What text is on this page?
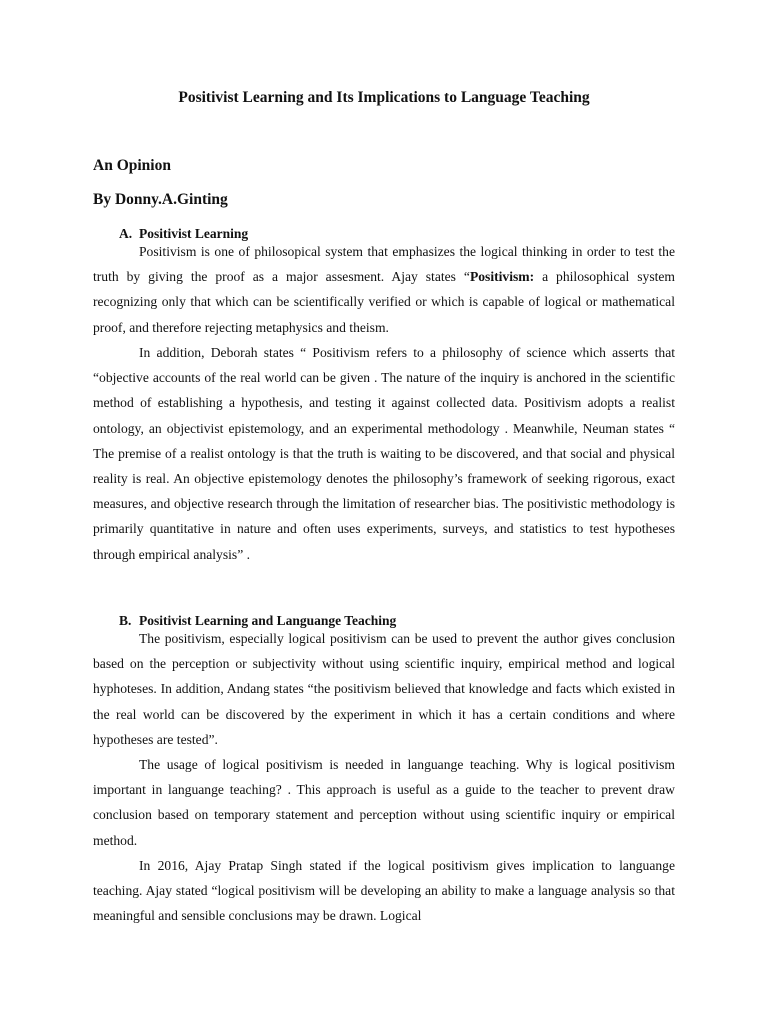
Positivist Learning and Its Implications to Language Teaching
An Opinion
By Donny.A.Ginting
A. Positivist Learning

Positivism is one of philosopical system that emphasizes the logical thinking in order to test the truth by giving the proof as a major assesment. Ajay states “Positivism: a philosophical system recognizing only that which can be scientifically verified or which is capable of logical or mathematical proof, and therefore rejecting metaphysics and theism.

In addition, Deborah states “ Positivism refers to a philosophy of science which asserts that “objective accounts of the real world can be given . The nature of the inquiry is anchored in the scientific method of establishing a hypothesis, and testing it against collected data. Positivism adopts a realist ontology, an objectivist epistemology, and an experimental methodology . Meanwhile, Neuman states “ The premise of a realist ontology is that the truth is waiting to be discovered, and that social and physical reality is real. An objective epistemology denotes the philosophy’s framework of seeking rigorous, exact measures, and objective research through the limitation of researcher bias. The positivistic methodology is primarily quantitative in nature and often uses experiments, surveys, and statistics to test hypotheses through empirical analysis” .

B. Positivist Learning and Languange Teaching

The positivism, especially logical positivism can be used to prevent the author gives conclusion based on the perception or subjectivity without using scientific inquiry, empirical method and logical hyphoteses. In addition, Andang states “the positivism believed that knowledge and facts which existed in the real world can be discovered by the experiment in which it has a certain conditions and where hypotheses are tested”.

The usage of logical positivism is needed in languange teaching. Why is logical positivism important in languange teaching? . This approach is useful as a guide to the teacher to prevent draw conclusion based on temporary statement and perception without using scientific inquiry or empirical method.

In 2016, Ajay Pratap Singh stated if the logical positivism gives implication to languange teaching. Ajay stated “logical positivism will be developing an ability to make a language analysis so that meaningful and sensible conclusions may be drawn. Logical
